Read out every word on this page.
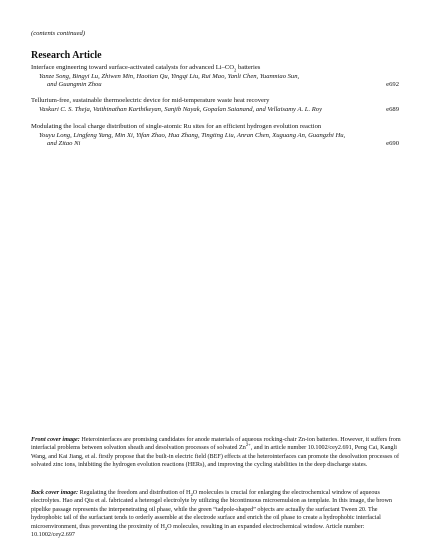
(contents continued)
Research Article
Interface engineering toward surface-activated catalysts for advanced $Li-CO_2$ batteries
Yanze Song, Bingyi Lu, Zhiwen Min, Haotian Qu, Yingqi Liu, Rui Mao, Yanli Chen, Yuanmiao Sun,
and Guangmin Zhou	e692
Tellurium-free, sustainable thermoelectric device for mid-temperature waste heat recovery
Vaskuri C. S. Theja, Vaithinathan Karthikeyan, Sanjib Nayak, Gopalan Saianand, and Vellaisamy A. L. Roy	e689
Modulating the local charge distribution of single-atomic Ru sites for an efficient hydrogen evolution reaction
Youyu Long, Lingfeng Yang, Min Xi, Yifan Zhao, Hua Zhang, Tingting Liu, Anran Chen, Xuguang An, Guangzhi Hu,
and Zitao Ni	e690

Front cover image: Heterointerfaces are promising candidates for anode materials of aqueous rocking-chair Zn-ion batteries. However, it suffers from interfacial problems between solvation sheath and desolvation processes of solvated $Zn^{2+}$, and in article number 10.1002/cey2.691, Peng Cai, Kangli Wang, and Kai Jiang, et al. firstly propose that the built-in electric field (BEF) effects at the heterointerfaces can promote the desolvation processes of solvated zinc ions, inhibiting the hydrogen evolution reactions (HERs), and improving the cycling stabilities in the deep discharge states.

Back cover image: Regulating the freedom and distribution of $H_2O$ molecules is crucial for enlarging the electrochemical window of aqueous electrolytes. Hao and Qiu et al. fabricated a heterogel electrolyte by utilizing the bicontinuous microemulsion as template. In this image, the brown pipelike passage represents the interpenetrating oil phase, while the green “tadpole-shaped” objects are actually the surfactant Tween 20. The hydrophobic tail of the surfactant tends to orderly assemble at the electrode surface and enrich the oil phase to create a hydrophobic interfacial microenvironment, thus preventing the proximity of $H_2O$ molecules, resulting in an expanded electrochemical window. Article number: 10.1002/cey2.697
